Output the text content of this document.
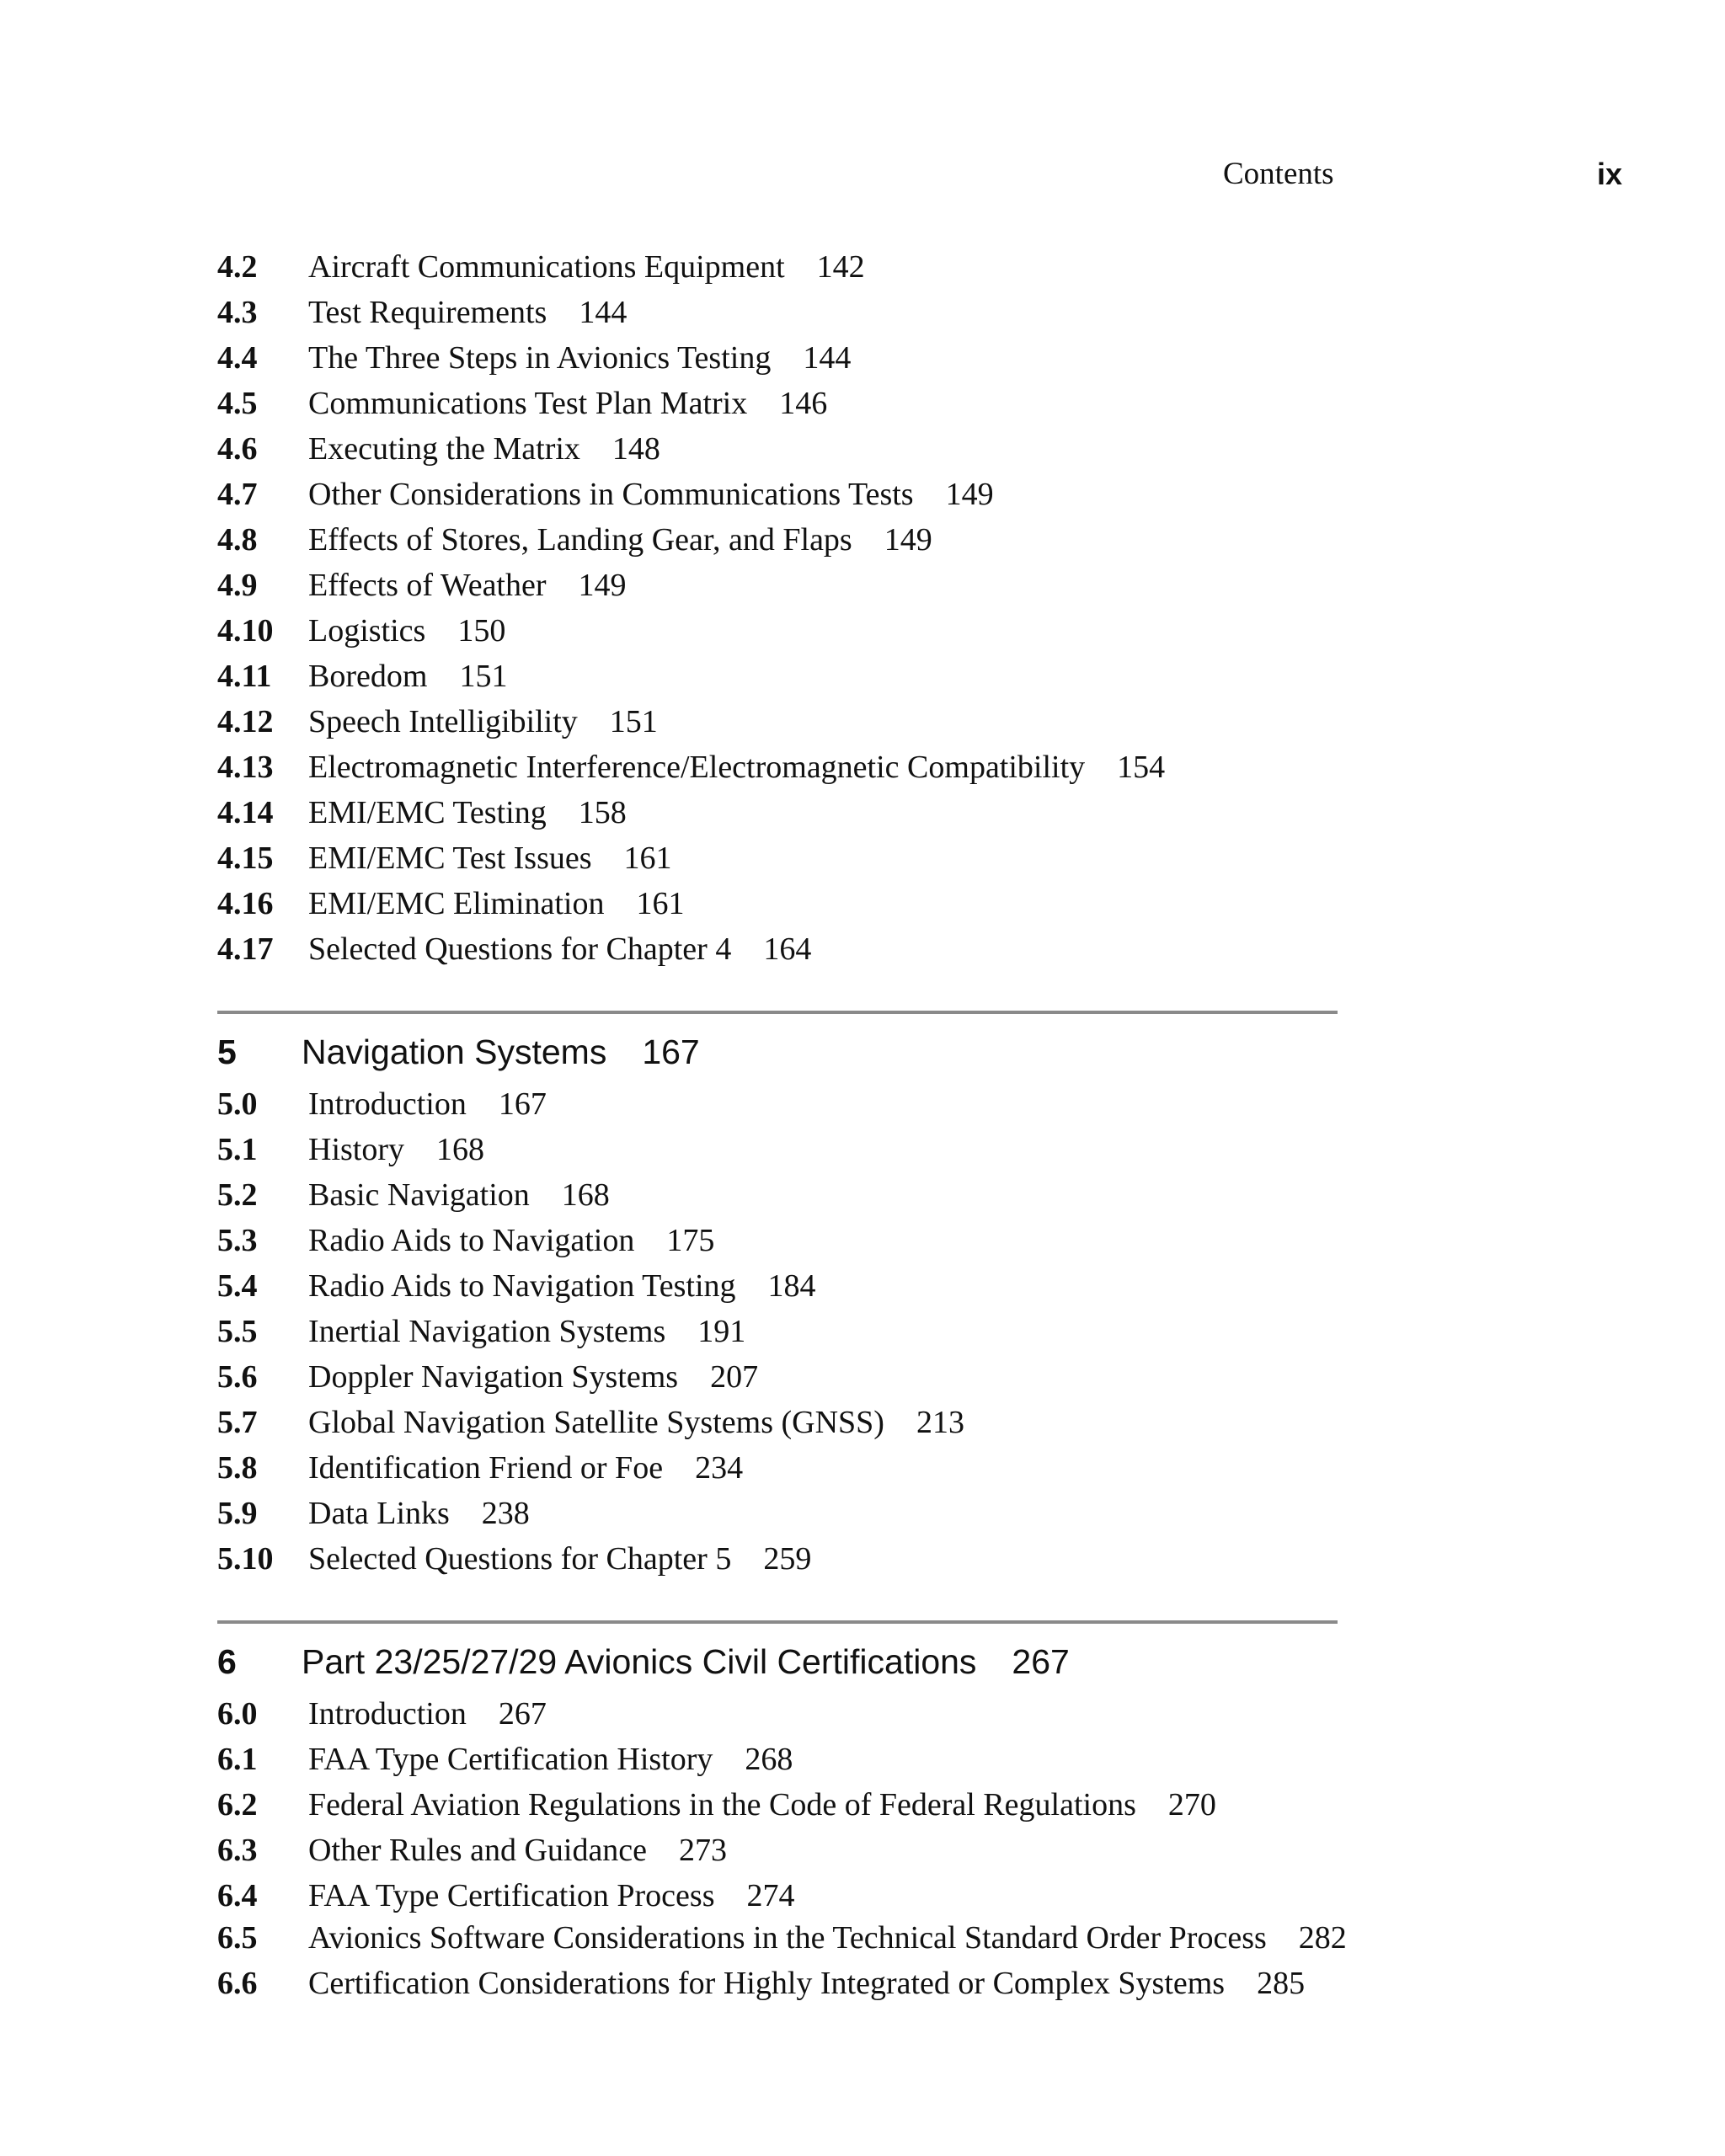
Contents	ix
4.2 Aircraft Communications Equipment 142
4.3 Test Requirements 144
4.4 The Three Steps in Avionics Testing 144
4.5 Communications Test Plan Matrix 146
4.6 Executing the Matrix 148
4.7 Other Considerations in Communications Tests 149
4.8 Effects of Stores, Landing Gear, and Flaps 149
4.9 Effects of Weather 149
4.10 Logistics 150
4.11 Boredom 151
4.12 Speech Intelligibility 151
4.13 Electromagnetic Interference/Electromagnetic Compatibility 154
4.14 EMI/EMC Testing 158
4.15 EMI/EMC Test Issues 161
4.16 EMI/EMC Elimination 161
4.17 Selected Questions for Chapter 4 164
5 Navigation Systems 167
5.0 Introduction 167
5.1 History 168
5.2 Basic Navigation 168
5.3 Radio Aids to Navigation 175
5.4 Radio Aids to Navigation Testing 184
5.5 Inertial Navigation Systems 191
5.6 Doppler Navigation Systems 207
5.7 Global Navigation Satellite Systems (GNSS) 213
5.8 Identification Friend or Foe 234
5.9 Data Links 238
5.10 Selected Questions for Chapter 5 259
6 Part 23/25/27/29 Avionics Civil Certifications 267
6.0 Introduction 267
6.1 FAA Type Certification History 268
6.2 Federal Aviation Regulations in the Code of Federal Regulations 270
6.3 Other Rules and Guidance 273
6.4 FAA Type Certification Process 274
6.5 Avionics Software Considerations in the Technical Standard Order Process 282
6.6 Certification Considerations for Highly Integrated or Complex Systems 285
